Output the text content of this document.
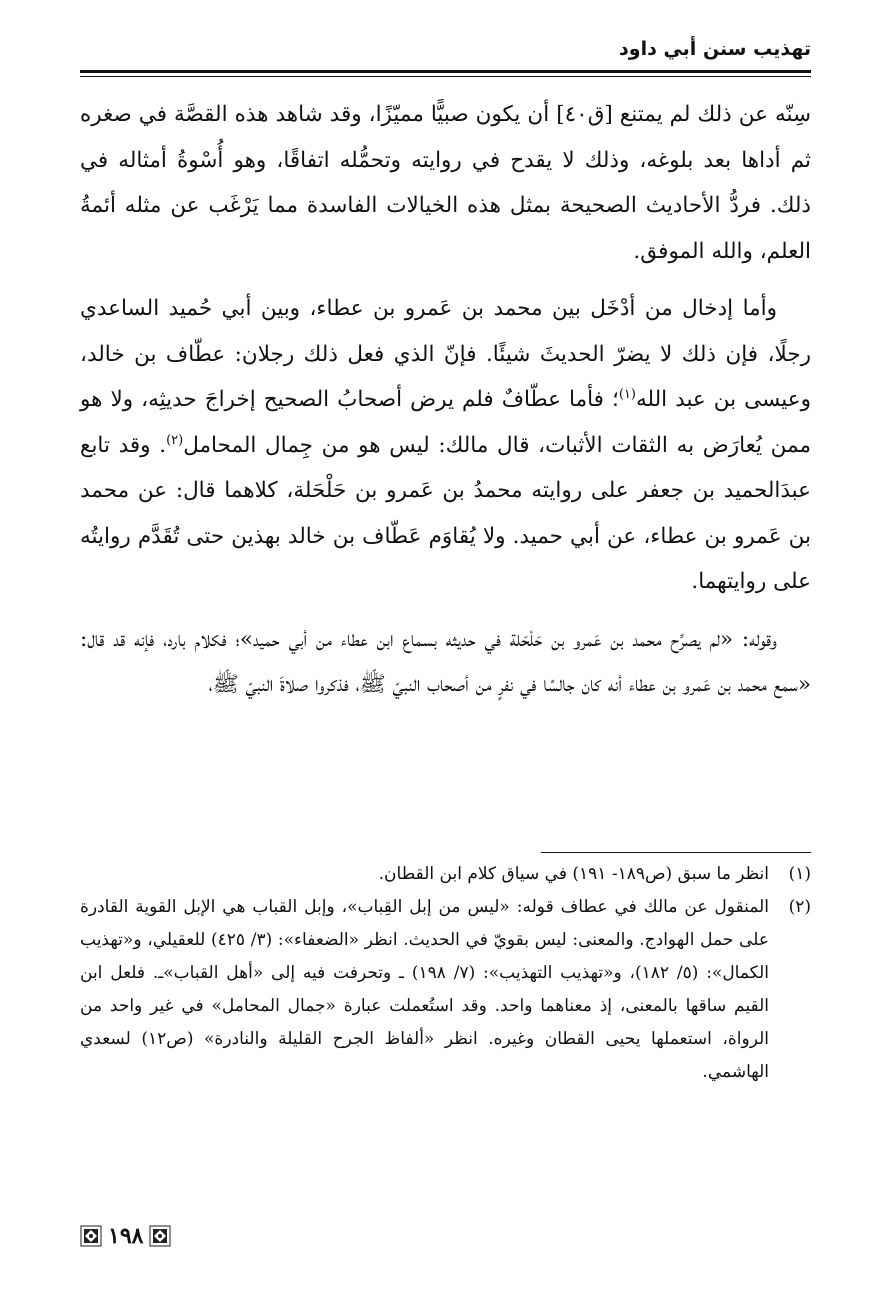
تهذيب سنن أبي داود

سِنّه عن ذلك لم يمتنع [ق٤٠] أن يكون صبيًّا مميّزًا، وقد شاهد هذه القصَّة في صغره ثم أداها بعد بلوغه، وذلك لا يقدح في روايته وتحمُّله اتفاقًا، وهو أُسْوةُ أمثاله في ذلك. فردُّ الأحاديث الصحيحة بمثل هذه الخيالات الفاسدة مما يَرْغَب عن مثله أئمةُ العلم، والله الموفق.

وأما إدخال من أدْخَل بين محمد بن عَمرو بن عطاء، وبين أبي حُميد الساعدي رجلًا، فإن ذلك لا يضرّ الحديثَ شيئًا. فإنّ الذي فعل ذلك رجلان: عطّاف بن خالد، وعيسى بن عبد الله$^{(١)}$؛ فأما عطّافٌ فلم يرض أصحابُ الصحيح إخراجَ حديثِه، ولا هو ممن يُعارَض به الثقات الأثبات، قال مالك: ليس هو من جِمال المحامل$^{(٢)}$. وقد تابع عبدَالحميد بن جعفر على روايته محمدُ بن عَمرو بن حَلْحَلة، كلاهما قال: عن محمد بن عَمرو بن عطاء، عن أبي حميد. ولا يُقاوَم عَطّاف بن خالد بهذين حتى تُقَدَّم روايتُه على روايتهما.

وقوله: «لم يصرِّح محمد بن عَمرو بن حَلْحَلة في حديثه بسماع ابن عطاء من أبي حميد»؛ فكلام بارد، فإنه قد قال: «سمع محمد بن عَمرو بن عطاء أنه كان جالسًا في نفرٍ من أصحاب النبيّ ﷺ، فذكروا صلاةَ النبيّ ﷺ،

(١)
انظر ما سبق (ص١٨٩- ١٩١) في سياق كلام ابن القطان.

(٢)
المنقول عن مالك في عطاف قوله: «ليس من إبل القِباب»، وإبل القباب هي الإبل القوية القادرة على حمل الهوادج. والمعنى: ليس بقويّ في الحديث. انظر «الضعفاء»: (٣/ ٤٢٥) للعقيلي، و«تهذيب الكمال»: (٥/ ١٨٢)، و«تهذيب التهذيب»: (٧/ ١٩٨) ـ وتحرفت فيه إلى «أهل القباب»ـ. فلعل ابن القيم ساقها بالمعنى، إذ معناهما واحد. وقد استُعملت عبارة «جمال المحامل» في غير واحد من الرواة، استعملها يحيى القطان وغيره. انظر «ألفاظ الجرح القليلة والنادرة» (ص١٢) لسعدي الهاشمي.

١٩٨
